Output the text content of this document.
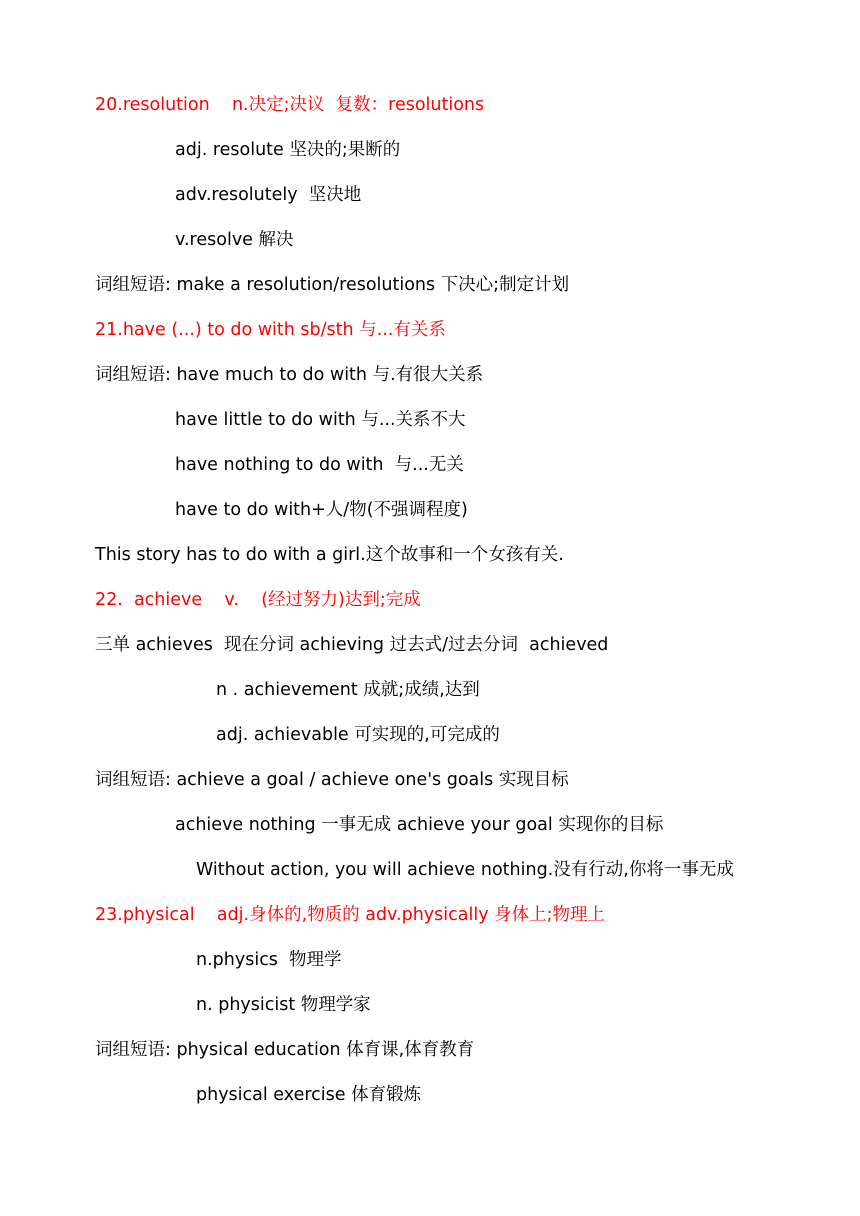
20.resolution    n.决定;决议  复数：resolutions
adj. resolute 坚决的;果断的
adv.resolutely  坚决地
v.resolve 解决
词组短语: make a resolution/resolutions 下决心;制定计划
21.have (...) to do with sb/sth 与...有关系
词组短语: have much to do with 与.有很大关系
have little to do with 与...关系不大
have nothing to do with  与...无关
have to do with+人/物(不强调程度)
This story has to do with a girl.这个故事和一个女孩有关.
22.  achieve    v.    (经过努力)达到;完成
三单 achieves  现在分词 achieving 过去式/过去分词  achieved
n . achievement 成就;成绩,达到
adj. achievable 可实现的,可完成的
词组短语: achieve a goal / achieve one's goals 实现目标
achieve nothing 一事无成 achieve your goal 实现你的目标
Without action, you will achieve nothing.没有行动,你将一事无成
23.physical    adj.身体的,物质的 adv.physically 身体上;物理上
n.physics  物理学
n. physicist 物理学家
词组短语: physical education 体育课,体育教育
physical exercise 体育锻炼
